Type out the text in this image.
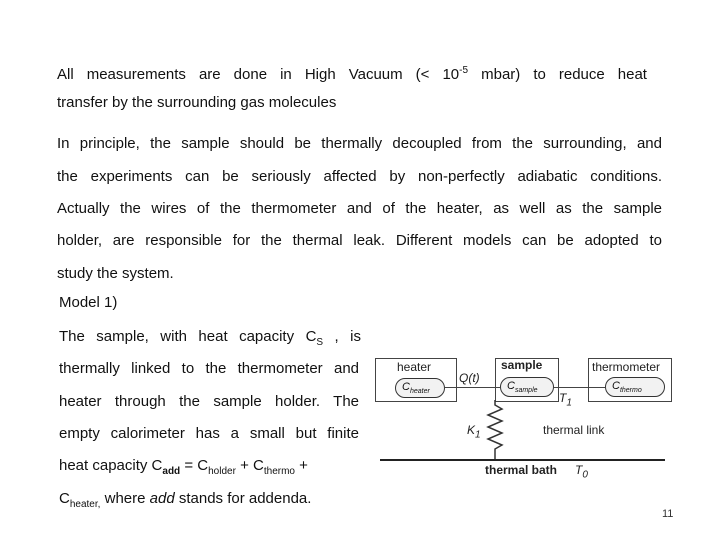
All measurements are done in High Vacuum (< $10^{-5}$ mbar) to reduce heat
transfer by the surrounding gas molecules
In principle, the sample should be thermally decoupled from the surrounding, and
the experiments can be seriously affected by non-perfectly adiabatic conditions.
Actually the wires of the thermometer and of the heater, as well as the sample
holder, are responsible for the thermal leak. Different models can be adopted to
study the system.
Model 1)
The sample, with heat capacity $C_S$ , is
thermally linked to the thermometer and
heater through the sample holder. The
empty calorimeter has a small but finite
heat capacity $C_{add} = C_{holder} + C_{thermo}$ +
$C_{heater,}$ where add stands for addenda.
heater	sample	thermometer
$C_{heater}$	$C_{sample}$	$C_{thermo}$
Q(t)
$T_1$
$K_1$	thermal link
thermal bath $T_0$
11
